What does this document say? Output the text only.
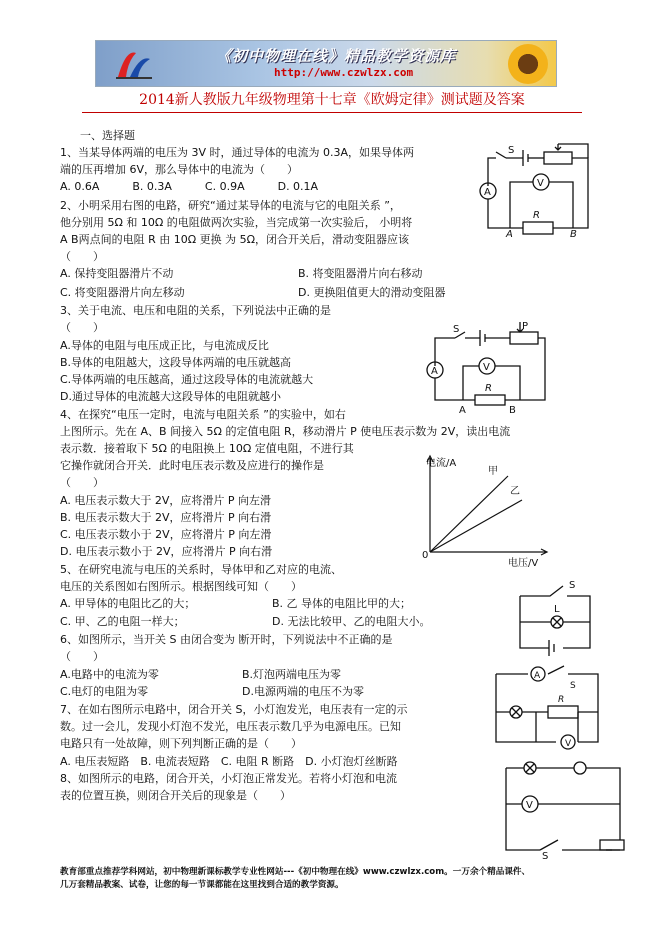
《初中物理在线》精品教学资源库
http://www.czwlzx.com
2014新人教版九年级物理第十七章《欧姆定律》测试题及答案
一、选择题
1、当某导体两端的电压为 3V 时，通过导体的电流为 0.3A，如果导体两
端的压再增加 6V，那么导体中的电流为（　　）
A. 0.6A　　　B. 0.3A　　　C. 0.9A　　　D. 0.1A
2、小明采用右图的电路，研究“通过某导体的电流与它的电阻关系 ”，
他分别用 5Ω 和 10Ω 的电阻做两次实验，当完成第一次实验后， 小明将
A B两点间的电阻 R 由 10Ω 更换 为 5Ω，闭合开关后，滑动变阻器应该
（　　）
A. 保持变阻器滑片不动	B. 将变阻器滑片向右移动
C. 将变阻器滑片向左移动	D. 更换阻值更大的滑动变阻器
3、关于电流、电压和电阻的关系，下列说法中正确的是
（　　）
A.导体的电阻与电压成正比，与电流成反比
B.导体的电阻越大，这段导体两端的电压就越高
C.导体两端的电压越高，通过这段导体的电流就越大
D.通过导体的电流越大这段导体的电阻就越小
4、在探究“电压一定时，电流与电阻关系 ”的实验中，如右
上图所示。先在 A、B 间接入 5Ω 的定值电阻 R，移动滑片 P 使电压表示数为 2V，读出电流
表示数．接着取下 5Ω 的电阻换上 10Ω 定值电阻，不进行其
它操作就闭合开关．此时电压表示数及应进行的操作是
（　　）
A. 电压表示数大于 2V，应将滑片 P 向左滑
B. 电压表示数大于 2V，应将滑片 P 向右滑
C. 电压表示数小于 2V，应将滑片 P 向左滑
D. 电压表示数小于 2V，应将滑片 P 向右滑
5、在研究电流与电压的关系时，导体甲和乙对应的电流、
电压的关系图如右图所示。根据图线可知（　　）
A. 甲导体的电阻比乙的大；	B. 乙 导体的电阻比甲的大；
C. 甲、乙的电阻一样大；	D. 无法比较甲、乙的电阻大小。
6、如图所示，当开关 S 由闭合变为 断开时，下列说法中不正确的是
（　　）
A.电路中的电流为零	B.灯泡两端电压为零
C.电灯的电阻为零	D.电源两端的电压不为零
7、在如右图所示电路中，闭合开关 S，小灯泡发光，电压表有一定的示
数。过一会儿，发现小灯泡不发光，电压表示数几乎为电源电压。已知
电路只有一处故障，则下列判断正确的是（　　）
A. 电压表短路　B. 电流表短路　C. 电阻 R 断路　D. 小灯泡灯丝断路
8、如图所示的电路，闭合开关，小灯泡正常发光。若将小灯泡和电流
表的位置互换，则闭合开关后的现象是（　　）
S
A
V
R
A	B
S	P
V
A
R
A	B
电流/A
电压/V
甲
乙
0
S
L
A
S
R
V
V
S
教育部重点推荐学科网站，初中物理新课标教学专业性网站---《初中物理在线》www.czwlzx.com。一万余个精品课件、
几万套精品教案、试卷，让您的每一节课都能在这里找到合适的教学资源。
